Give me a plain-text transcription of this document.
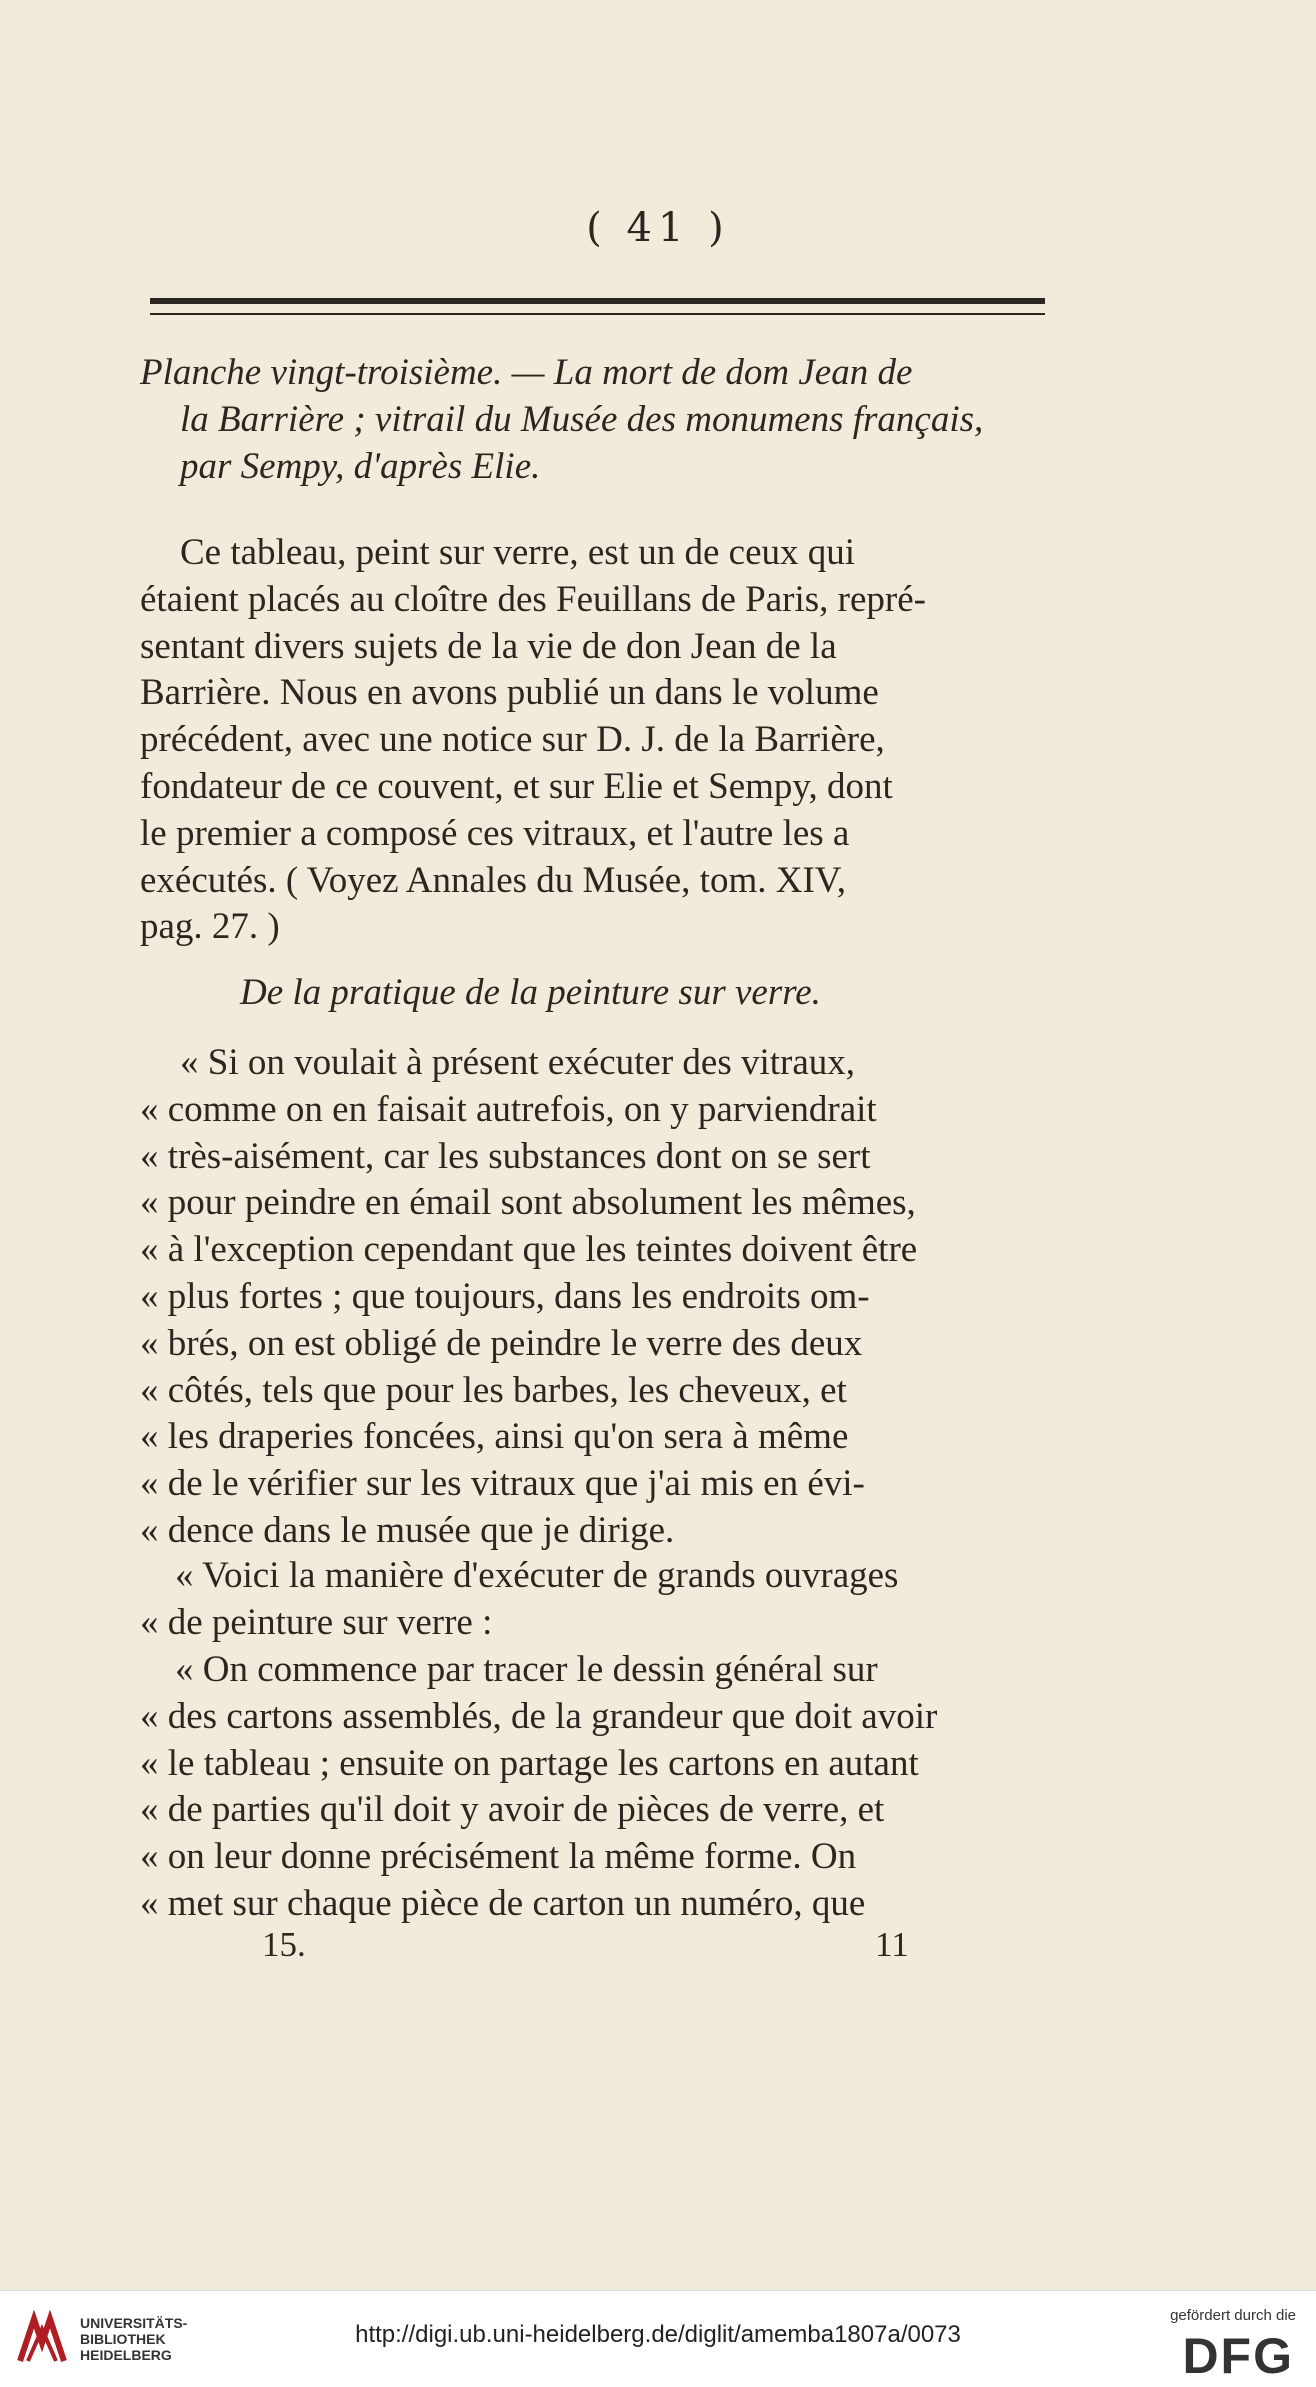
( 41 )
Planche vingt-troisième. — La mort de dom Jean de
la Barrière ; vitrail du Musée des monumens français,
par Sempy, d'après Elie.
Ce tableau, peint sur verre, est un de ceux qui
étaient placés au cloître des Feuillans de Paris, repré-
sentant divers sujets de la vie de don Jean de la
Barrière. Nous en avons publié un dans le volume
précédent, avec une notice sur D. J. de la Barrière,
fondateur de ce couvent, et sur Elie et Sempy, dont
le premier a composé ces vitraux, et l'autre les a
exécutés. ( Voyez Annales du Musée, tom. XIV,
pag. 27. )
De la pratique de la peinture sur verre.
« Si on voulait à présent exécuter des vitraux,
« comme on en faisait autrefois, on y parviendrait
« très-aisément, car les substances dont on se sert
« pour peindre en émail sont absolument les mêmes,
« à l'exception cependant que les teintes doivent être
« plus fortes ; que toujours, dans les endroits om-
« brés, on est obligé de peindre le verre des deux
« côtés, tels que pour les barbes, les cheveux, et
« les draperies foncées, ainsi qu'on sera à même
« de le vérifier sur les vitraux que j'ai mis en évi-
« dence dans le musée que je dirige.
« Voici la manière d'exécuter de grands ouvrages
« de peinture sur verre :
« On commence par tracer le dessin général sur
« des cartons assemblés, de la grandeur que doit avoir
« le tableau ; ensuite on partage les cartons en autant
« de parties qu'il doit y avoir de pièces de verre, et
« on leur donne précisément la même forme. On
« met sur chaque pièce de carton un numéro, que
15.	11
UNIVERSITÄTS-
BIBLIOTHEK
HEIDELBERG
http://digi.ub.uni-heidelberg.de/diglit/amemba1807a/0073
gefördert durch die
DFG
